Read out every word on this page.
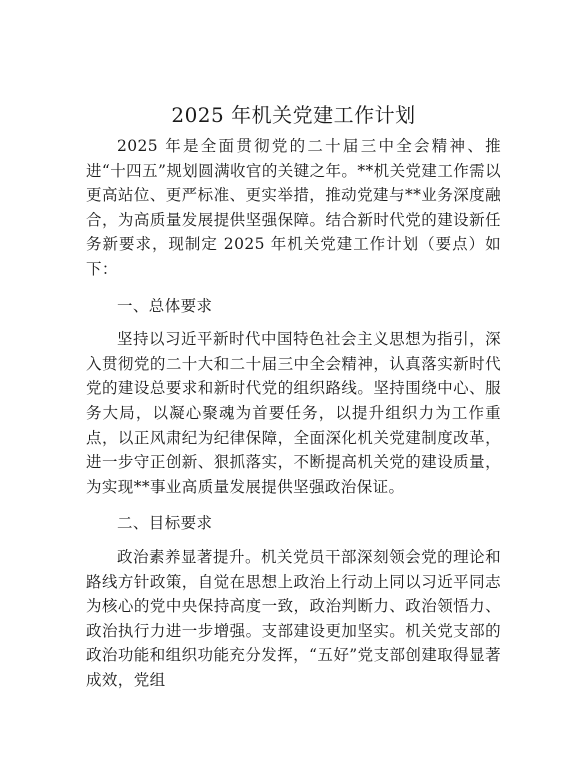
2025 年机关党建工作计划

2025 年是全面贯彻党的二十届三中全会精神、推进“十四五”规划圆满收官的关键之年。**机关党建工作需以更高站位、更严标准、更实举措，推动党建与**业务深度融合，为高质量发展提供坚强保障。结合新时代党的建设新任务新要求，现制定 2025 年机关党建工作计划（要点）如下：

一、总体要求

坚持以习近平新时代中国特色社会主义思想为指引，深入贯彻党的二十大和二十届三中全会精神，认真落实新时代党的建设总要求和新时代党的组织路线。坚持围绕中心、服务大局，以凝心聚魂为首要任务，以提升组织力为工作重点，以正风肃纪为纪律保障，全面深化机关党建制度改革，进一步守正创新、狠抓落实，不断提高机关党的建设质量，为实现**事业高质量发展提供坚强政治保证。

二、目标要求

政治素养显著提升。机关党员干部深刻领会党的理论和路线方针政策，自觉在思想上政治上行动上同以习近平同志为核心的党中央保持高度一致，政治判断力、政治领悟力、政治执行力进一步增强。支部建设更加坚实。机关党支部的政治功能和组织功能充分发挥，“五好”党支部创建取得显著成效，党组
